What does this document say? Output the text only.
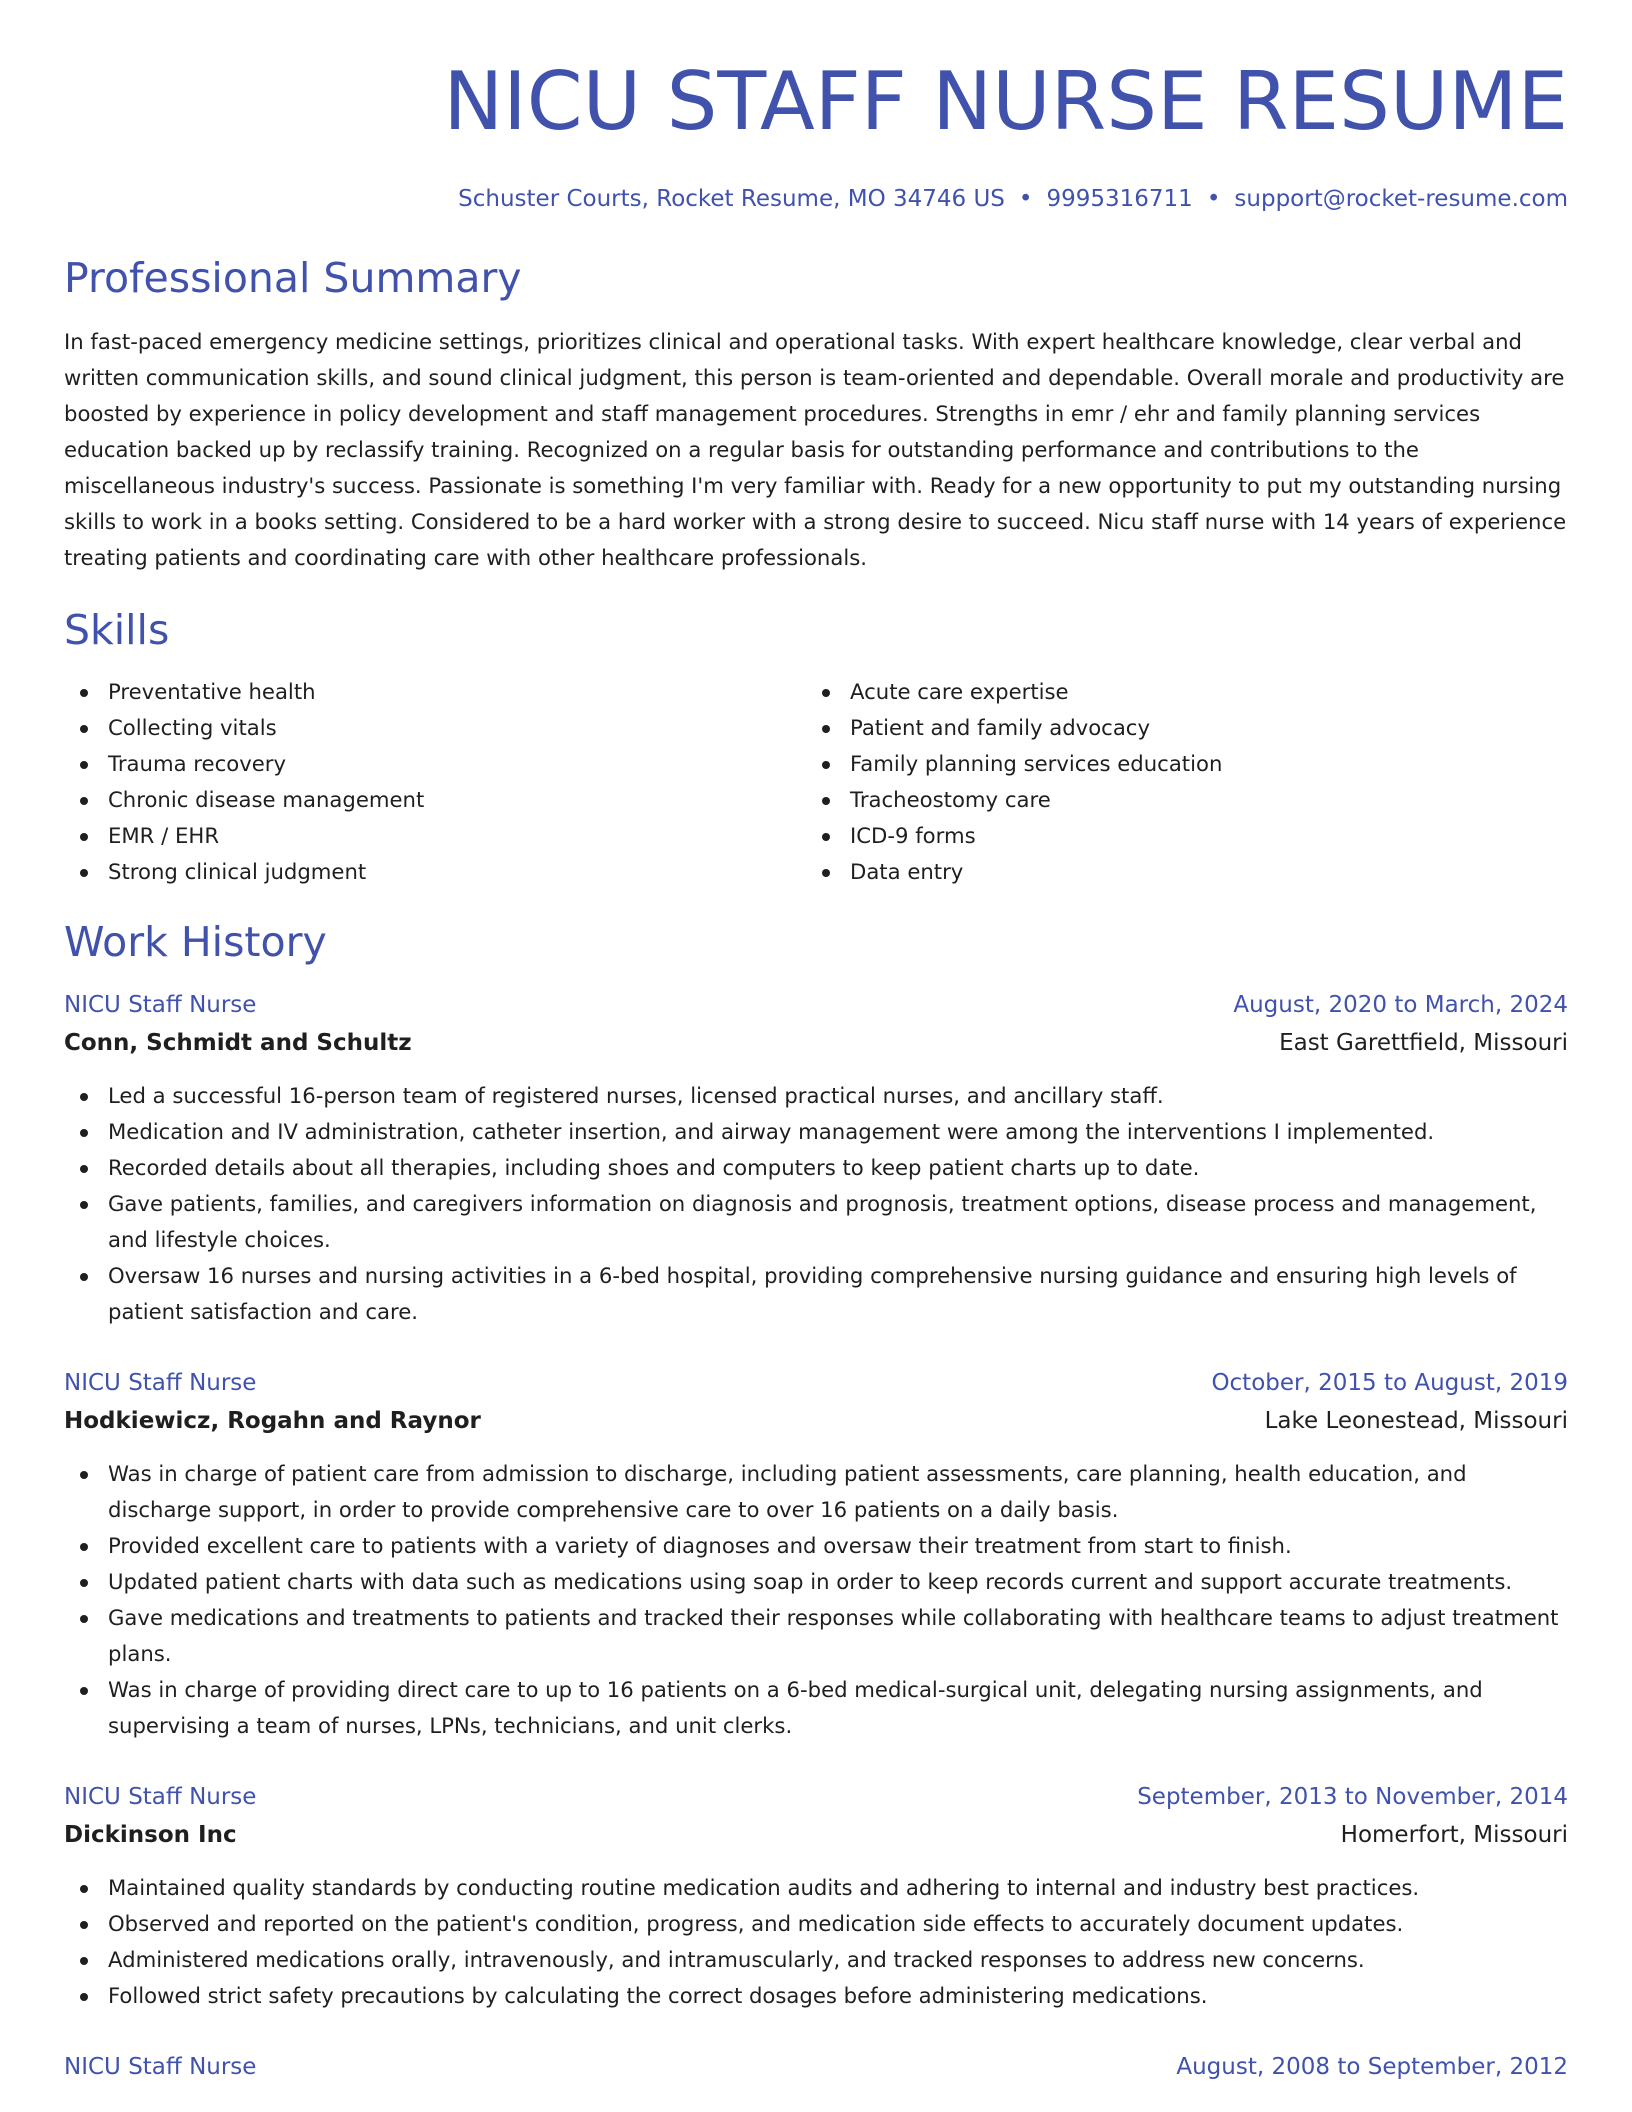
NICU STAFF NURSE RESUME
Schuster Courts, Rocket Resume, MO 34746 US • 9995316711 • support@rocket-resume.com
Professional Summary

In fast-paced emergency medicine settings, prioritizes clinical and operational tasks. With expert healthcare knowledge, clear verbal and written communication skills, and sound clinical judgment, this person is team-oriented and dependable. Overall morale and productivity are boosted by experience in policy development and staff management procedures. Strengths in emr / ehr and family planning services education backed up by reclassify training. Recognized on a regular basis for outstanding performance and contributions to the miscellaneous industry's success. Passionate is something I'm very familiar with. Ready for a new opportunity to put my outstanding nursing skills to work in a books setting. Considered to be a hard worker with a strong desire to succeed. Nicu staff nurse with 14 years of experience treating patients and coordinating care with other healthcare professionals.

Skills
Preventative health
Collecting vitals
Trauma recovery
Chronic disease management
EMR / EHR
Strong clinical judgment
Acute care expertise
Patient and family advocacy
Family planning services education
Tracheostomy care
ICD-9 forms
Data entry
Work History
NICU Staff Nurse	August, 2020 to March, 2024
Conn, Schmidt and Schultz	East Garettfield, Missouri
Led a successful 16-person team of registered nurses, licensed practical nurses, and ancillary staff.
Medication and IV administration, catheter insertion, and airway management were among the interventions I implemented.
Recorded details about all therapies, including shoes and computers to keep patient charts up to date.
Gave patients, families, and caregivers information on diagnosis and prognosis, treatment options, disease process and management, and lifestyle choices.
Oversaw 16 nurses and nursing activities in a 6-bed hospital, providing comprehensive nursing guidance and ensuring high levels of patient satisfaction and care.
NICU Staff Nurse	October, 2015 to August, 2019
Hodkiewicz, Rogahn and Raynor	Lake Leonestead, Missouri
Was in charge of patient care from admission to discharge, including patient assessments, care planning, health education, and discharge support, in order to provide comprehensive care to over 16 patients on a daily basis.
Provided excellent care to patients with a variety of diagnoses and oversaw their treatment from start to finish.
Updated patient charts with data such as medications using soap in order to keep records current and support accurate treatments.
Gave medications and treatments to patients and tracked their responses while collaborating with healthcare teams to adjust treatment plans.
Was in charge of providing direct care to up to 16 patients on a 6-bed medical-surgical unit, delegating nursing assignments, and supervising a team of nurses, LPNs, technicians, and unit clerks.
NICU Staff Nurse	September, 2013 to November, 2014
Dickinson Inc	Homerfort, Missouri
Maintained quality standards by conducting routine medication audits and adhering to internal and industry best practices.
Observed and reported on the patient's condition, progress, and medication side effects to accurately document updates.
Administered medications orally, intravenously, and intramuscularly, and tracked responses to address new concerns.
Followed strict safety precautions by calculating the correct dosages before administering medications.
NICU Staff Nurse	August, 2008 to September, 2012
